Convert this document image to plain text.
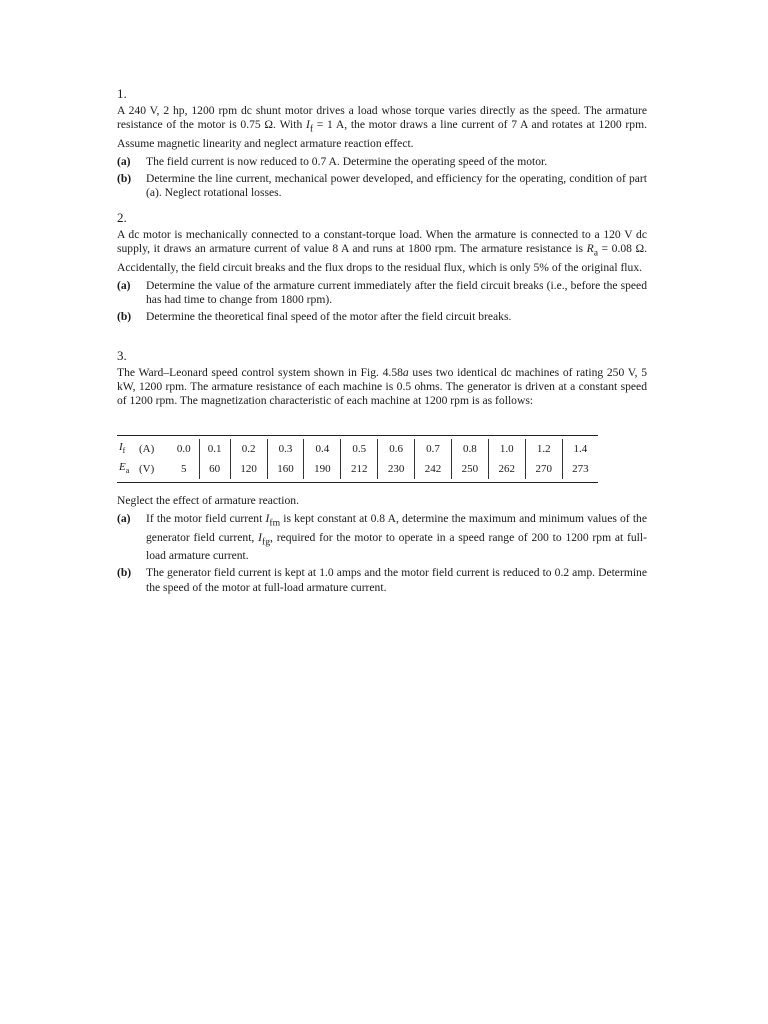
1.

A 240 V, 2 hp, 1200 rpm dc shunt motor drives a load whose torque varies directly as the speed. The armature resistance of the motor is 0.75 Ω. With $I_f = 1$ A, the motor draws a line current of 7 A and rotates at 1200 rpm. Assume magnetic linearity and neglect armature reaction effect.

(a)	The field current is now reduced to 0.7 A. Determine the operating speed of the motor.
(b)	Determine the line current, mechanical power developed, and efficiency for the operating, condition of part (a). Neglect rotational losses.
2.

A dc motor is mechanically connected to a constant-torque load. When the armature is connected to a 120 V dc supply, it draws an armature current of value 8 A and runs at 1800 rpm. The armature resistance is $R_a = 0.08$ Ω. Accidentally, the field circuit breaks and the flux drops to the residual flux, which is only 5% of the original flux.

(a)	Determine the value of the armature current immediately after the field circuit breaks (i.e., before the speed has had time to change from 1800 rpm).
(b)	Determine the theoretical final speed of the motor after the field circuit breaks.
3.

The Ward–Leonard speed control system shown in Fig. 4.58a uses two identical dc machines of rating 250 V, 5 kW, 1200 rpm. The armature resistance of each machine is 0.5 ohms. The generator is driven at a constant speed of 1200 rpm. The magnetization characteristic of each machine at 1200 rpm is as follows:

$I_f$	(A)	0.0	0.1	0.2	0.3	0.4	0.5	0.6	0.7	0.8	1.0	1.2	1.4
$E_a$	(V)	5	60	120	160	190	212	230	242	250	262	270	273

Neglect the effect of armature reaction.

(a)	If the motor field current $I_{fm}$ is kept constant at 0.8 A, determine the maximum and minimum values of the generator field current, $I_{fg}$, required for the motor to operate in a speed range of 200 to 1200 rpm at full-load armature current.
(b)	The generator field current is kept at 1.0 amps and the motor field current is reduced to 0.2 amp. Determine the speed of the motor at full-load armature current.
